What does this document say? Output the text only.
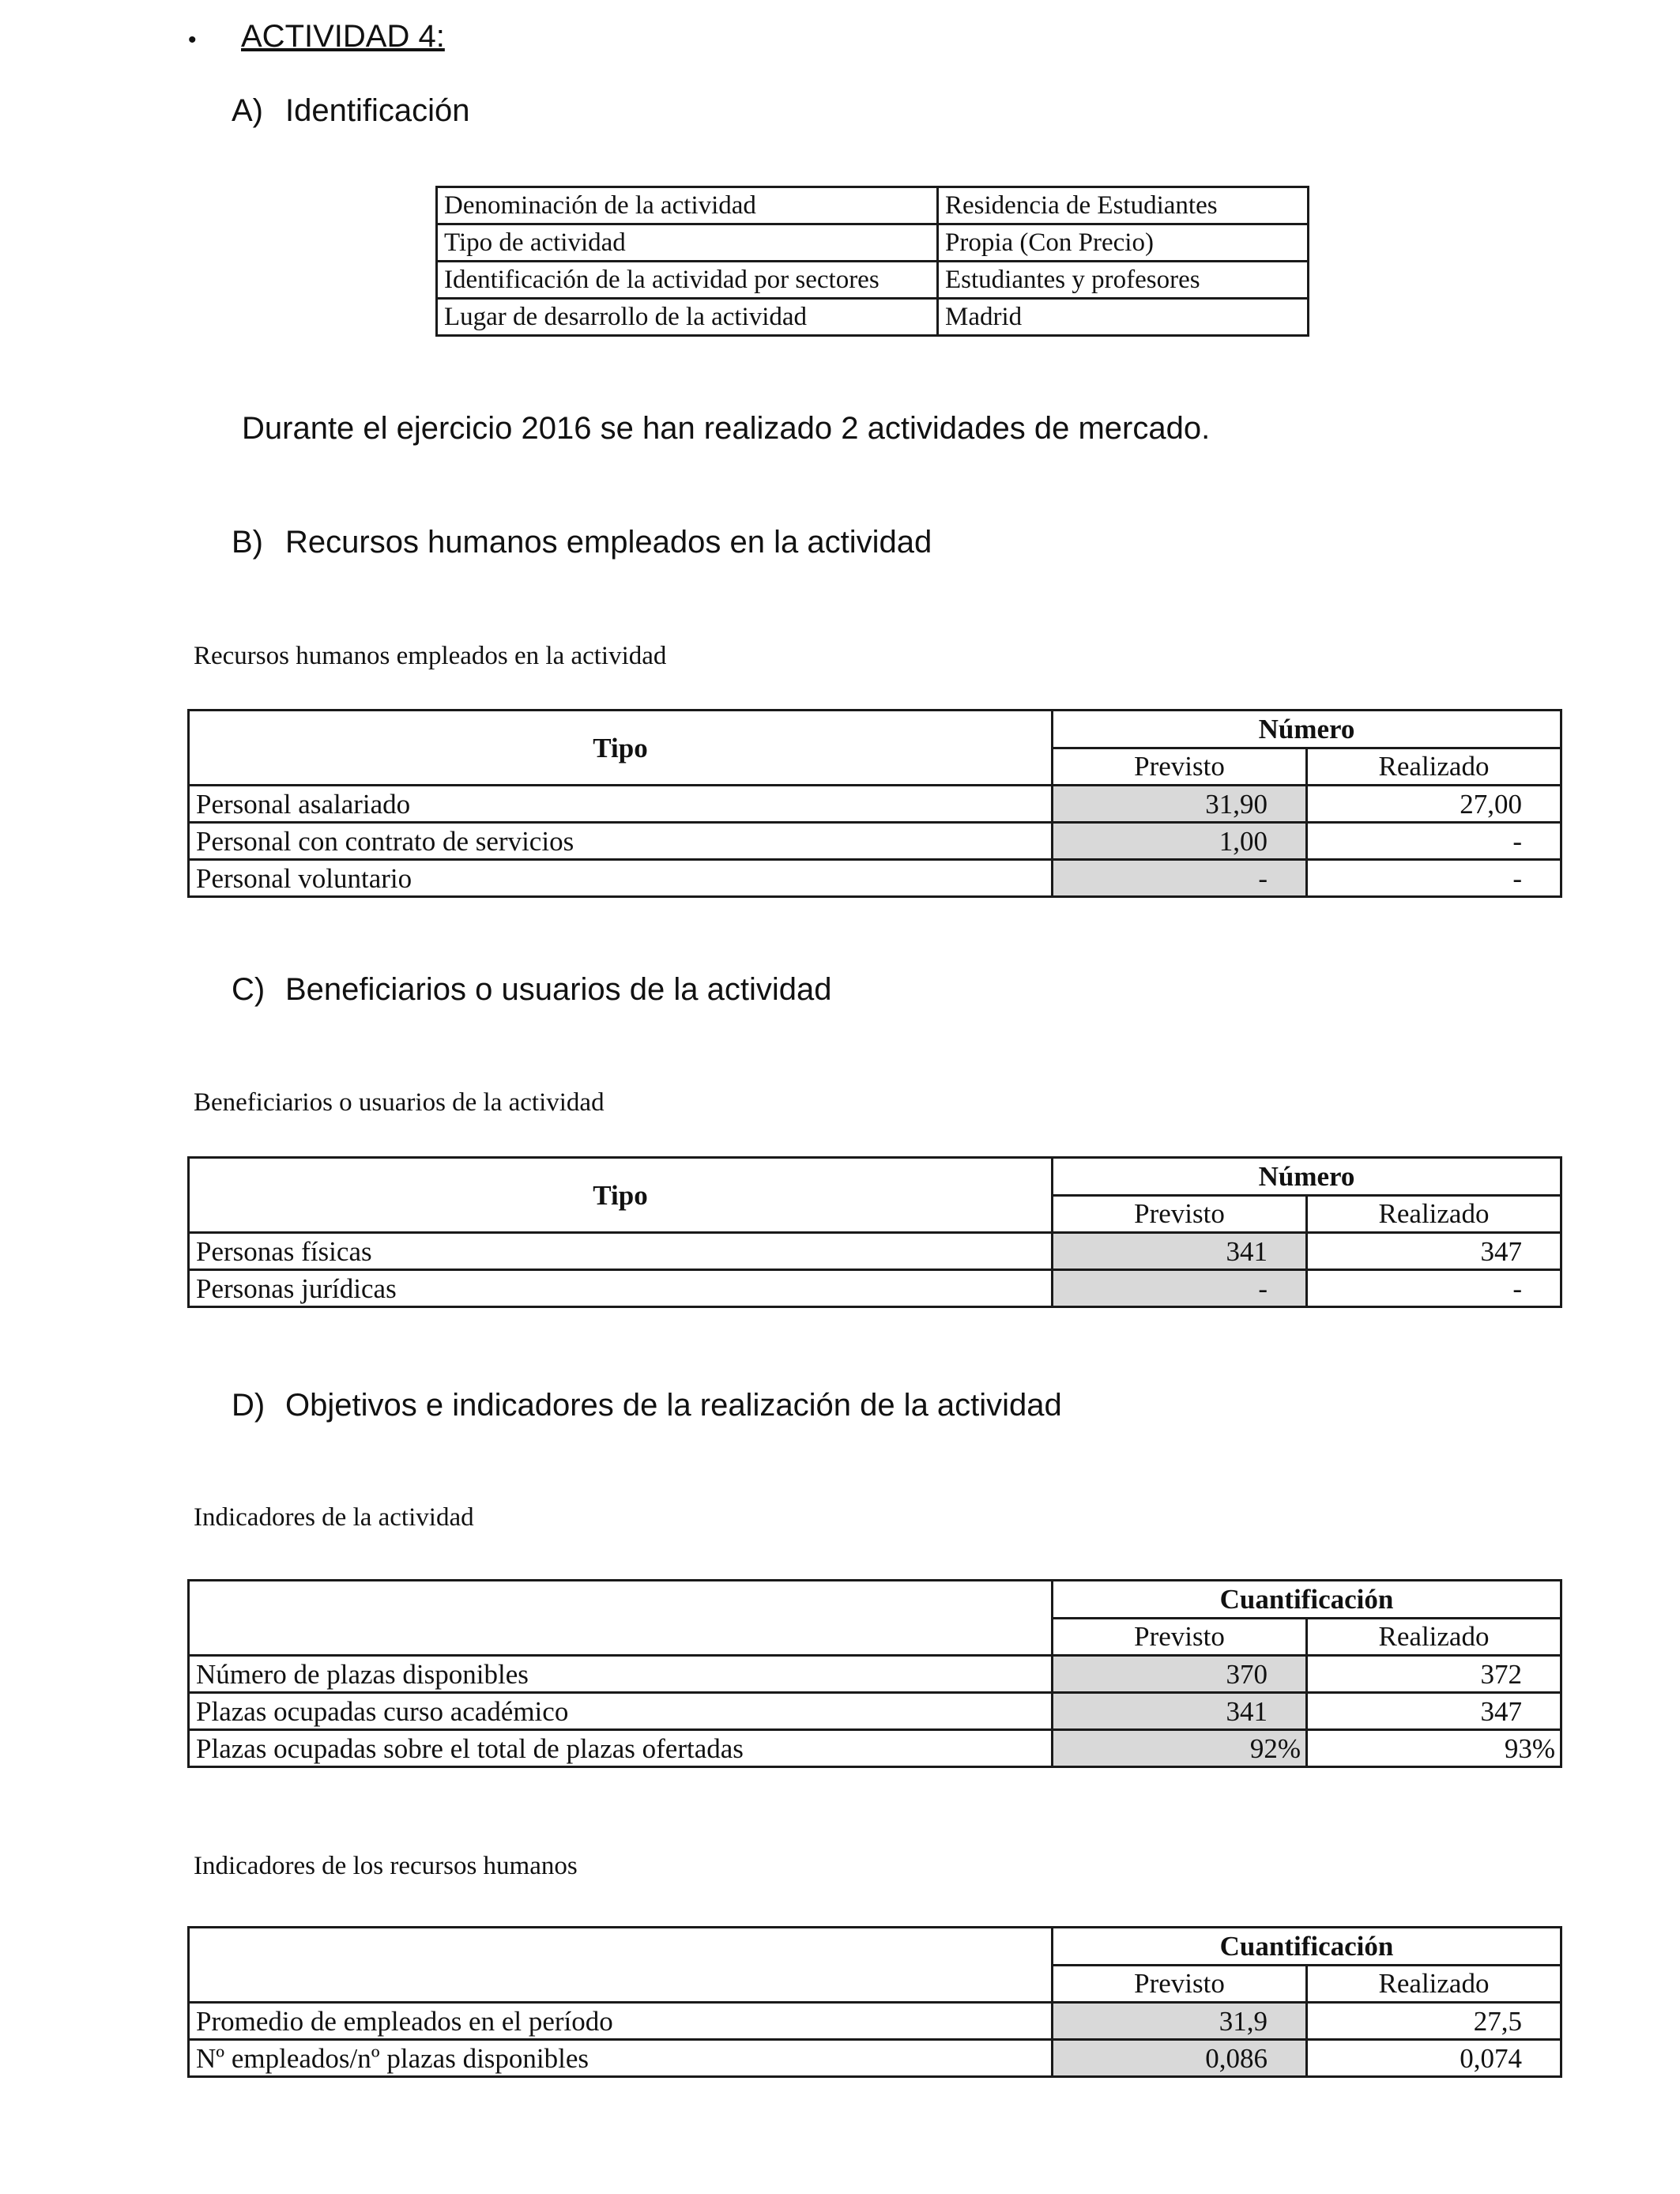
• ACTIVIDAD 4:
A) Identificación
Denominación de la actividad	Residencia de Estudiantes
Tipo de actividad	Propia (Con Precio)
Identificación de la actividad por sectores	Estudiantes y profesores
Lugar de desarrollo de la actividad	Madrid
Durante el ejercicio 2016 se han realizado 2 actividades de mercado.
B) Recursos humanos empleados en la actividad
Recursos humanos empleados en la actividad
Tipo	Número	
	Previsto	Realizado
Personal asalariado	31,90	27,00
Personal con contrato de servicios	1,00	-
Personal voluntario	-	-
C) Beneficiarios o usuarios de la actividad
Beneficiarios o usuarios de la actividad
Tipo	Número	
	Previsto	Realizado
Personas físicas	341	347
Personas jurídicas	-	-
D) Objetivos e indicadores de la realización de la actividad
Indicadores de la actividad
	Cuantificación	
	Previsto	Realizado
Número de plazas disponibles	370	372
Plazas ocupadas curso académico	341	347
Plazas ocupadas sobre el total de plazas ofertadas	92%	93%
Indicadores de los recursos humanos
	Cuantificación	
	Previsto	Realizado
Promedio de empleados en el período	31,9	27,5
Nº empleados/nº plazas disponibles	0,086	0,074
